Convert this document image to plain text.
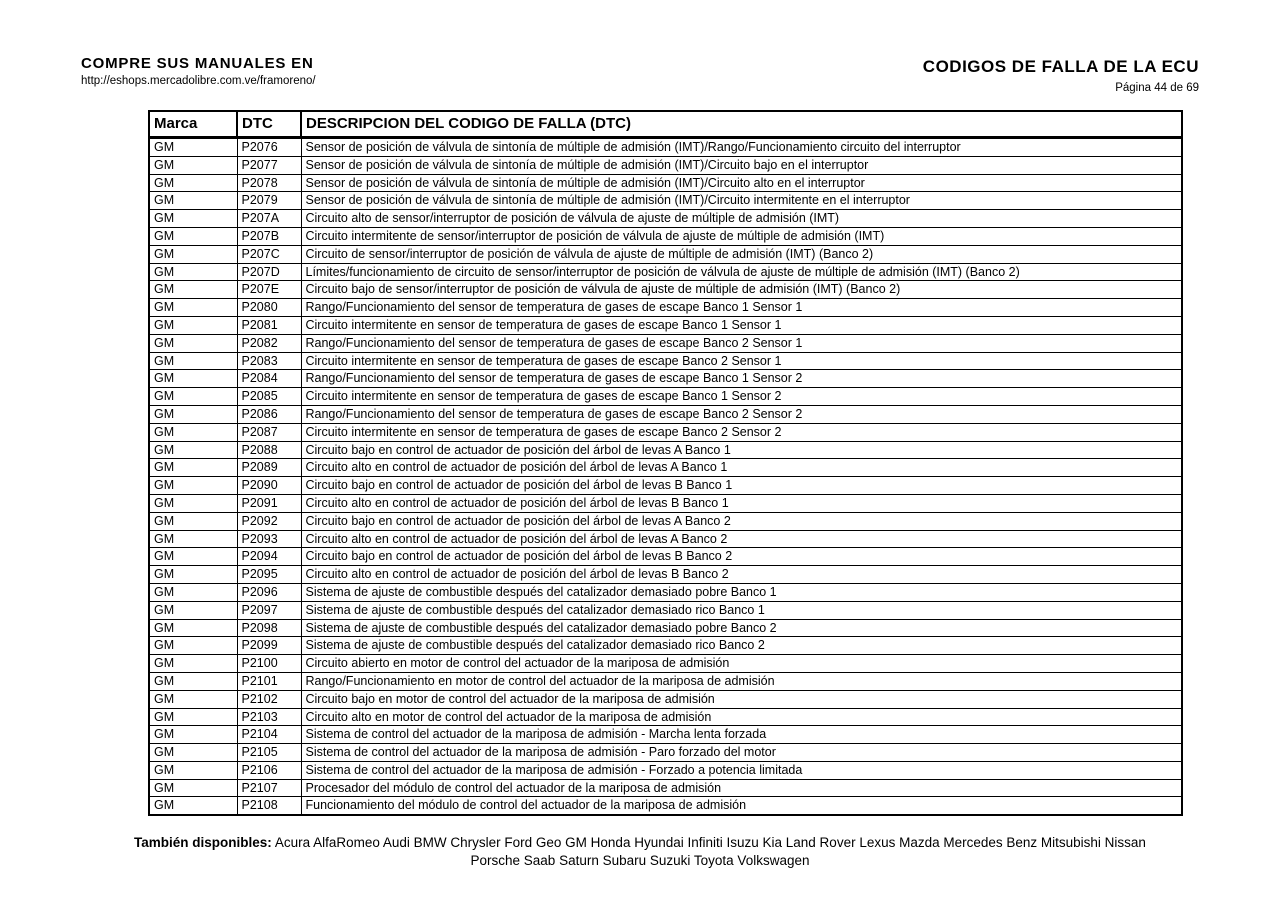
COMPRE SUS MANUALES EN
http://eshops.mercadolibre.com.ve/framoreno/
CODIGOS DE FALLA DE LA ECU
Página 44 de 69
Marca	DTC	DESCRIPCION DEL CODIGO DE FALLA (DTC)
GM	P2076	Sensor de posición de válvula de sintonía de múltiple de admisión (IMT)/Rango/Funcionamiento circuito del interruptor
GM	P2077	Sensor de posición de válvula de sintonía de múltiple de admisión (IMT)/Circuito bajo en el interruptor
GM	P2078	Sensor de posición de válvula de sintonía de múltiple de admisión (IMT)/Circuito alto en el interruptor
GM	P2079	Sensor de posición de válvula de sintonía de múltiple de admisión (IMT)/Circuito intermitente en el interruptor
GM	P207A	Circuito alto de sensor/interruptor de posición de válvula de ajuste de múltiple de admisión (IMT)
GM	P207B	Circuito intermitente de sensor/interruptor de posición de válvula de ajuste de múltiple de admisión (IMT)
GM	P207C	Circuito de sensor/interruptor de posición de válvula de ajuste de múltiple de admisión (IMT) (Banco 2)
GM	P207D	Límites/funcionamiento de circuito de sensor/interruptor de posición de válvula de ajuste de múltiple de admisión (IMT) (Banco 2)
GM	P207E	Circuito bajo de sensor/interruptor de posición de válvula de ajuste de múltiple de admisión (IMT) (Banco 2)
GM	P2080	Rango/Funcionamiento del sensor de temperatura de gases de escape Banco 1 Sensor 1
GM	P2081	Circuito intermitente en sensor de temperatura de gases de escape Banco 1 Sensor 1
GM	P2082	Rango/Funcionamiento del sensor de temperatura de gases de escape Banco 2 Sensor 1
GM	P2083	Circuito intermitente en sensor de temperatura de gases de escape Banco 2 Sensor 1
GM	P2084	Rango/Funcionamiento del sensor de temperatura de gases de escape Banco 1 Sensor 2
GM	P2085	Circuito intermitente en sensor de temperatura de gases de escape Banco 1 Sensor 2
GM	P2086	Rango/Funcionamiento del sensor de temperatura de gases de escape Banco 2 Sensor 2
GM	P2087	Circuito intermitente en sensor de temperatura de gases de escape Banco 2 Sensor 2
GM	P2088	Circuito bajo en control de actuador de posición del árbol de levas A Banco 1
GM	P2089	Circuito alto en control de actuador de posición del árbol de levas A Banco 1
GM	P2090	Circuito bajo en control de actuador de posición del árbol de levas B Banco 1
GM	P2091	Circuito alto en control de actuador de posición del árbol de levas B Banco 1
GM	P2092	Circuito bajo en control de actuador de posición del árbol de levas A Banco 2
GM	P2093	Circuito alto en control de actuador de posición del árbol de levas A Banco 2
GM	P2094	Circuito bajo en control de actuador de posición del árbol de levas B Banco 2
GM	P2095	Circuito alto en control de actuador de posición del árbol de levas B Banco 2
GM	P2096	Sistema de ajuste de combustible después del catalizador demasiado pobre Banco 1
GM	P2097	Sistema de ajuste de combustible después del catalizador demasiado rico Banco 1
GM	P2098	Sistema de ajuste de combustible después del catalizador demasiado pobre Banco 2
GM	P2099	Sistema de ajuste de combustible después del catalizador demasiado rico Banco 2
GM	P2100	Circuito abierto en motor de control del actuador de la mariposa de admisión
GM	P2101	Rango/Funcionamiento en motor de control del actuador de la mariposa de admisión
GM	P2102	Circuito bajo en motor de control del actuador de la mariposa de admisión
GM	P2103	Circuito alto en motor de control del actuador de la mariposa de admisión
GM	P2104	Sistema de control del actuador de la mariposa de admisión - Marcha lenta forzada
GM	P2105	Sistema de control del actuador de la mariposa de admisión - Paro forzado del motor
GM	P2106	Sistema de control del actuador de la mariposa de admisión - Forzado a potencia limitada
GM	P2107	Procesador del módulo de control del actuador de la mariposa de admisión
GM	P2108	Funcionamiento del módulo de control del actuador de la mariposa de admisión
También disponibles: Acura AlfaRomeo Audi BMW Chrysler Ford Geo GM Honda Hyundai Infiniti Isuzu Kia Land Rover Lexus Mazda Mercedes Benz Mitsubishi Nissan
Porsche Saab Saturn Subaru Suzuki Toyota Volkswagen
